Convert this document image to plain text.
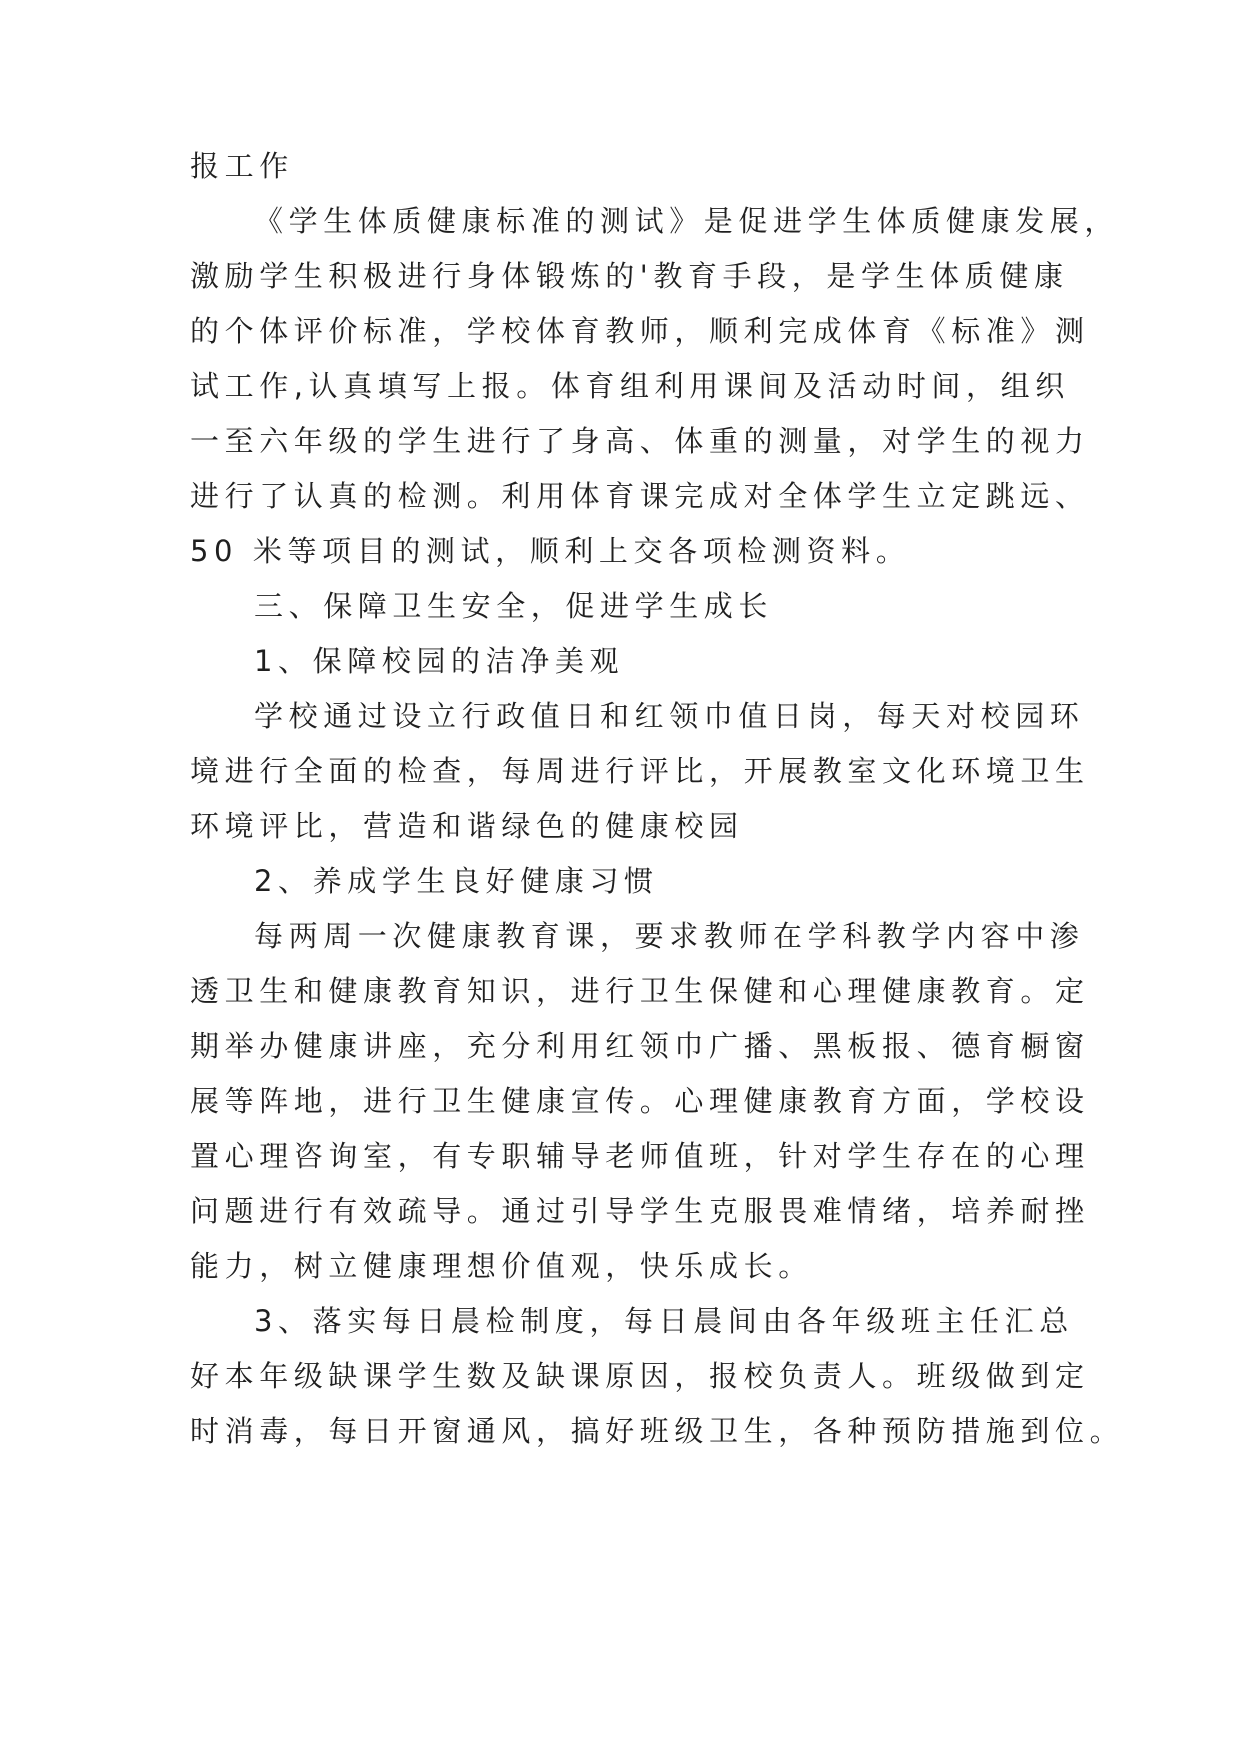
报工作
《学生体质健康标准的测试》是促进学生体质健康发展，
激励学生积极进行身体锻炼的'教育手段，是学生体质健康
的个体评价标准，学校体育教师，顺利完成体育《标准》测
试工作,认真填写上报。体育组利用课间及活动时间，组织
一至六年级的学生进行了身高、体重的测量，对学生的视力
进行了认真的检测。利用体育课完成对全体学生立定跳远、
50 米等项目的测试，顺利上交各项检测资料。
三、保障卫生安全，促进学生成长
1、保障校园的洁净美观
学校通过设立行政值日和红领巾值日岗，每天对校园环
境进行全面的检查，每周进行评比，开展教室文化环境卫生
环境评比，营造和谐绿色的健康校园
2、养成学生良好健康习惯
每两周一次健康教育课，要求教师在学科教学内容中渗
透卫生和健康教育知识，进行卫生保健和心理健康教育。定
期举办健康讲座，充分利用红领巾广播、黑板报、德育橱窗
展等阵地，进行卫生健康宣传。心理健康教育方面，学校设
置心理咨询室，有专职辅导老师值班，针对学生存在的心理
问题进行有效疏导。通过引导学生克服畏难情绪，培养耐挫
能力，树立健康理想价值观，快乐成长。
3、落实每日晨检制度，每日晨间由各年级班主任汇总
好本年级缺课学生数及缺课原因，报校负责人。班级做到定
时消毒，每日开窗通风，搞好班级卫生，各种预防措施到位。
